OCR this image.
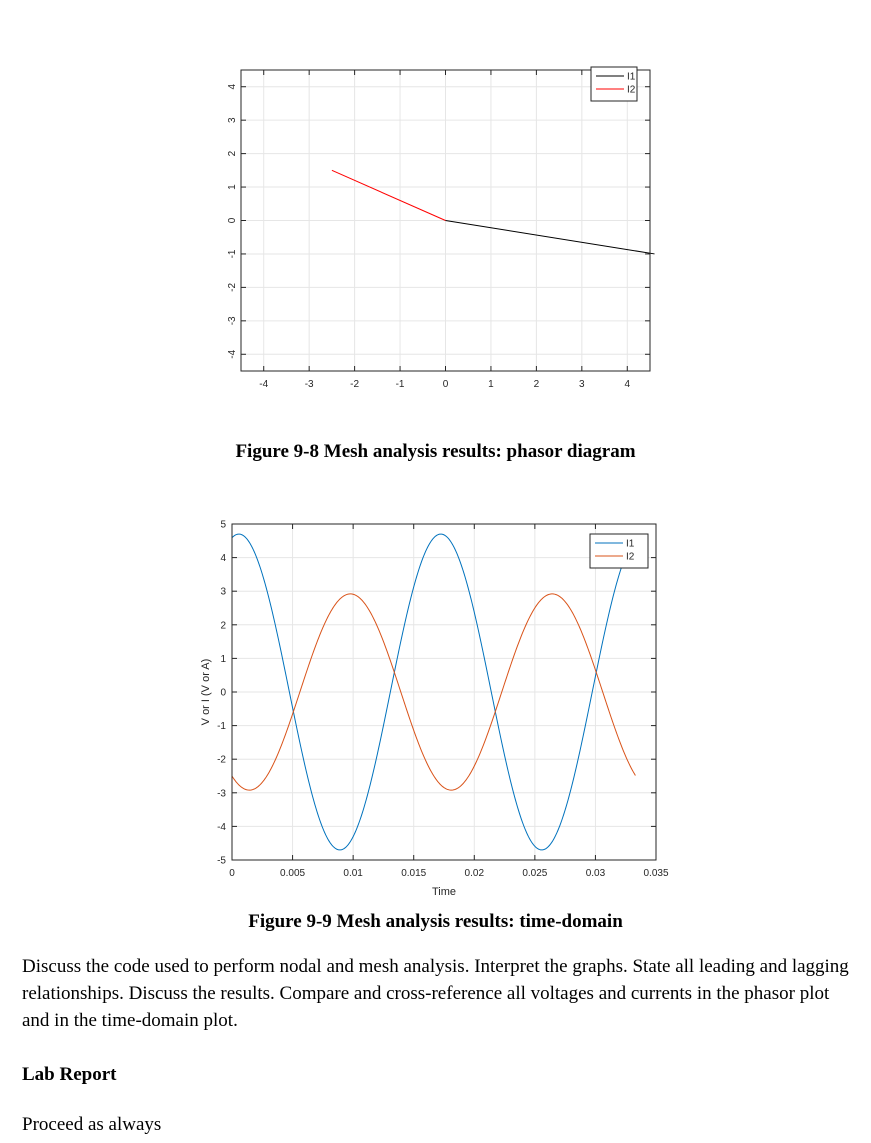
-4	-3	-2	-1	0	1	2	3	4
-4
-3
-2
-1
0
1
2
3
4
I1
I2
Figure 9-8 Mesh analysis results: phasor diagram
0	0.005	0.01	0.015	0.02	0.025	0.03	0.035
-5
-4
-3
-2
-1
0
1
2
3
4
5
I1
I2
Time
V or I (V or A)
Figure 9-9 Mesh analysis results: time-domain
Discuss the code used to perform nodal and mesh analysis. Interpret the graphs. State all leading and lagging relationships. Discuss the results. Compare and cross-reference all voltages and currents in the phasor plot and in the time-domain plot.
Lab Report
Proceed as always
